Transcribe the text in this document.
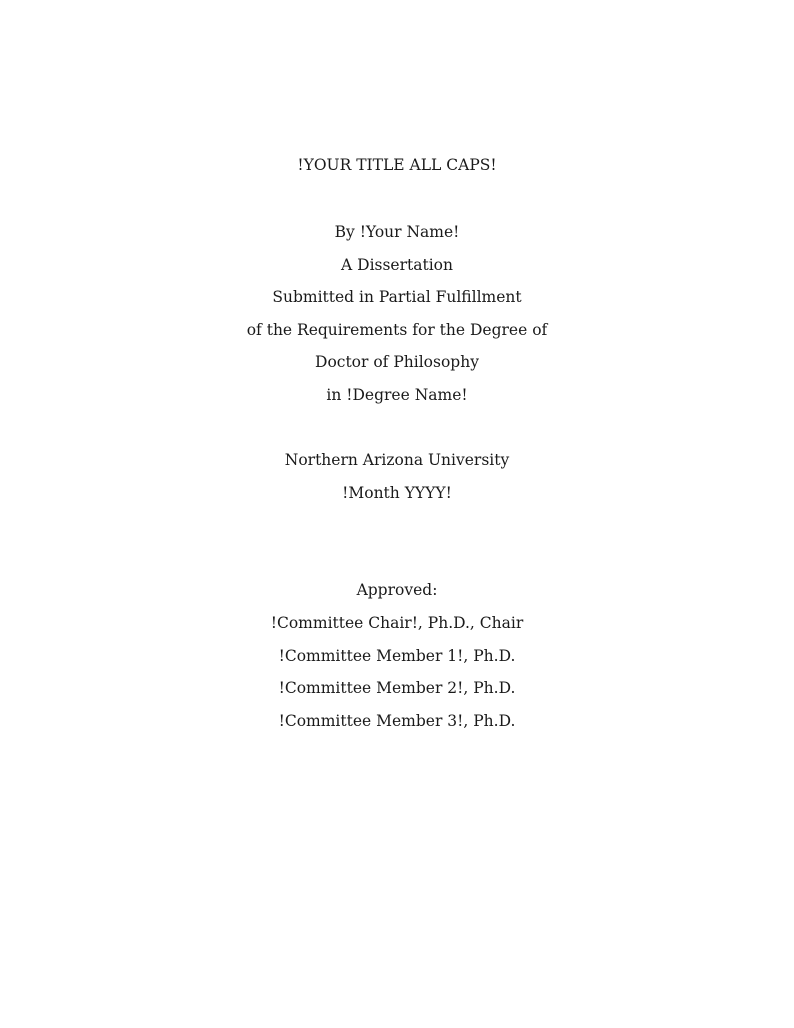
!YOUR TITLE ALL CAPS!
By !Your Name!
A Dissertation
Submitted in Partial Fulfillment
of the Requirements for the Degree of
Doctor of Philosophy
in !Degree Name!
Northern Arizona University
!Month YYYY!
Approved:
!Committee Chair!, Ph.D., Chair
!Committee Member 1!, Ph.D.
!Committee Member 2!, Ph.D.
!Committee Member 3!, Ph.D.
